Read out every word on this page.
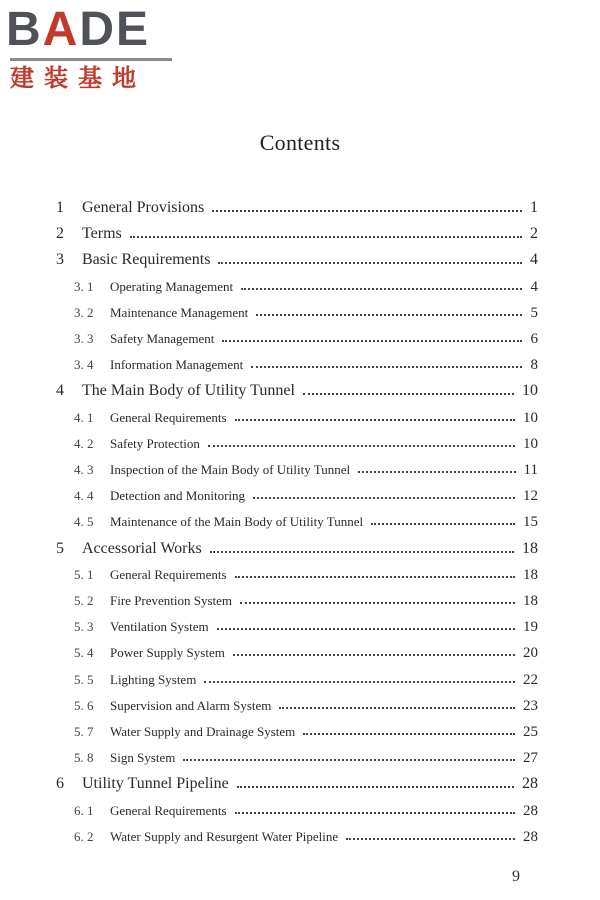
BADE
建装基地
Contents
1 General Provisions	1
2 Terms	2
3 Basic Requirements	4
3. 1 Operating Management	4
3. 2 Maintenance Management	5
3. 3 Safety Management	6
3. 4 Information Management	8
4 The Main Body of Utility Tunnel	10
4. 1 General Requirements	10
4. 2 Safety Protection	10
4. 3 Inspection of the Main Body of Utility Tunnel	11
4. 4 Detection and Monitoring	12
4. 5 Maintenance of the Main Body of Utility Tunnel	15
5 Accessorial Works	18
5. 1 General Requirements	18
5. 2 Fire Prevention System	18
5. 3 Ventilation System	19
5. 4 Power Supply System	20
5. 5 Lighting System	22
5. 6 Supervision and Alarm System	23
5. 7 Water Supply and Drainage System	25
5. 8 Sign System	27
6 Utility Tunnel Pipeline	28
6. 1 General Requirements	28
6. 2 Water Supply and Resurgent Water Pipeline	28
9
